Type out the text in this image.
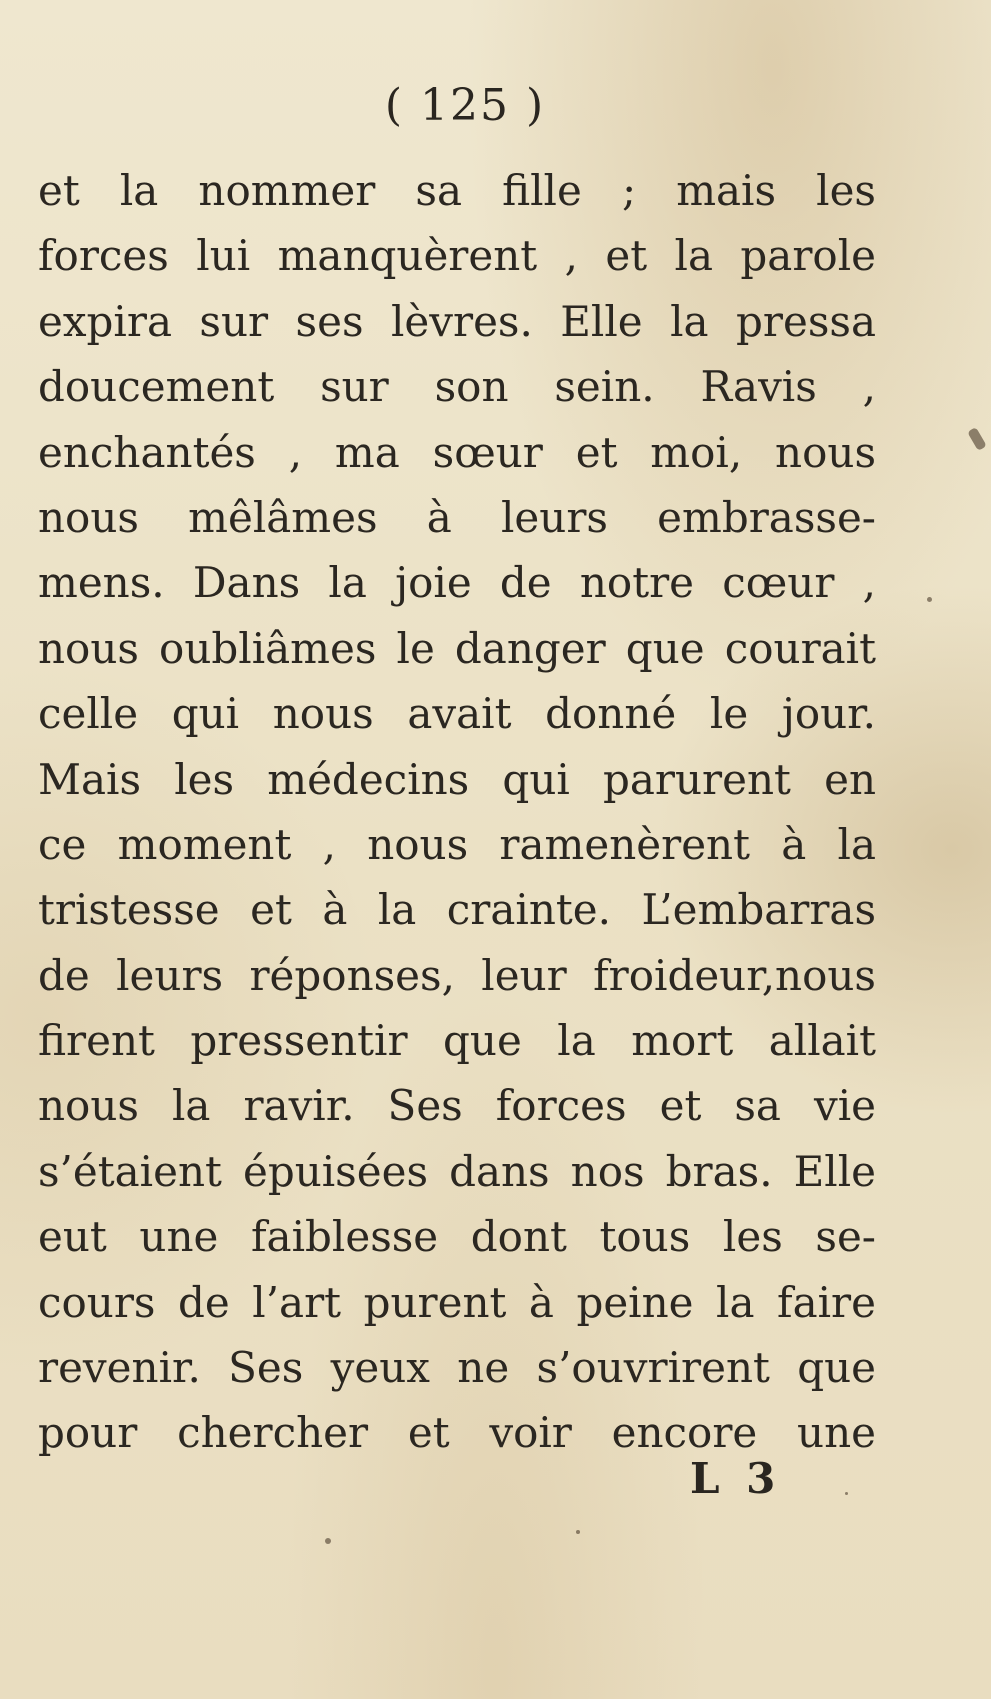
( 125 )
et la nommer sa fille ; mais les
forces lui manquèrent , et la parole
expira sur ses lèvres. Elle la pressa
doucement sur son sein. Ravis ,
enchantés , ma sœur et moi, nous
nous mêlâmes à leurs embrasse-
mens. Dans la joie de notre cœur ,
nous oubliâmes le danger que courait
celle qui nous avait donné le jour.
Mais les médecins qui parurent en
ce moment , nous ramenèrent à la
tristesse et à la crainte. L’embarras
de leurs réponses, leur froideur,nous
firent pressentir que la mort allait
nous la ravir. Ses forces et sa vie
s’étaient épuisées dans nos bras. Elle
eut une faiblesse dont tous les se-
cours de l’art purent à peine la faire
revenir. Ses yeux ne s’ouvrirent que
pour chercher et voir encore une
L 3
